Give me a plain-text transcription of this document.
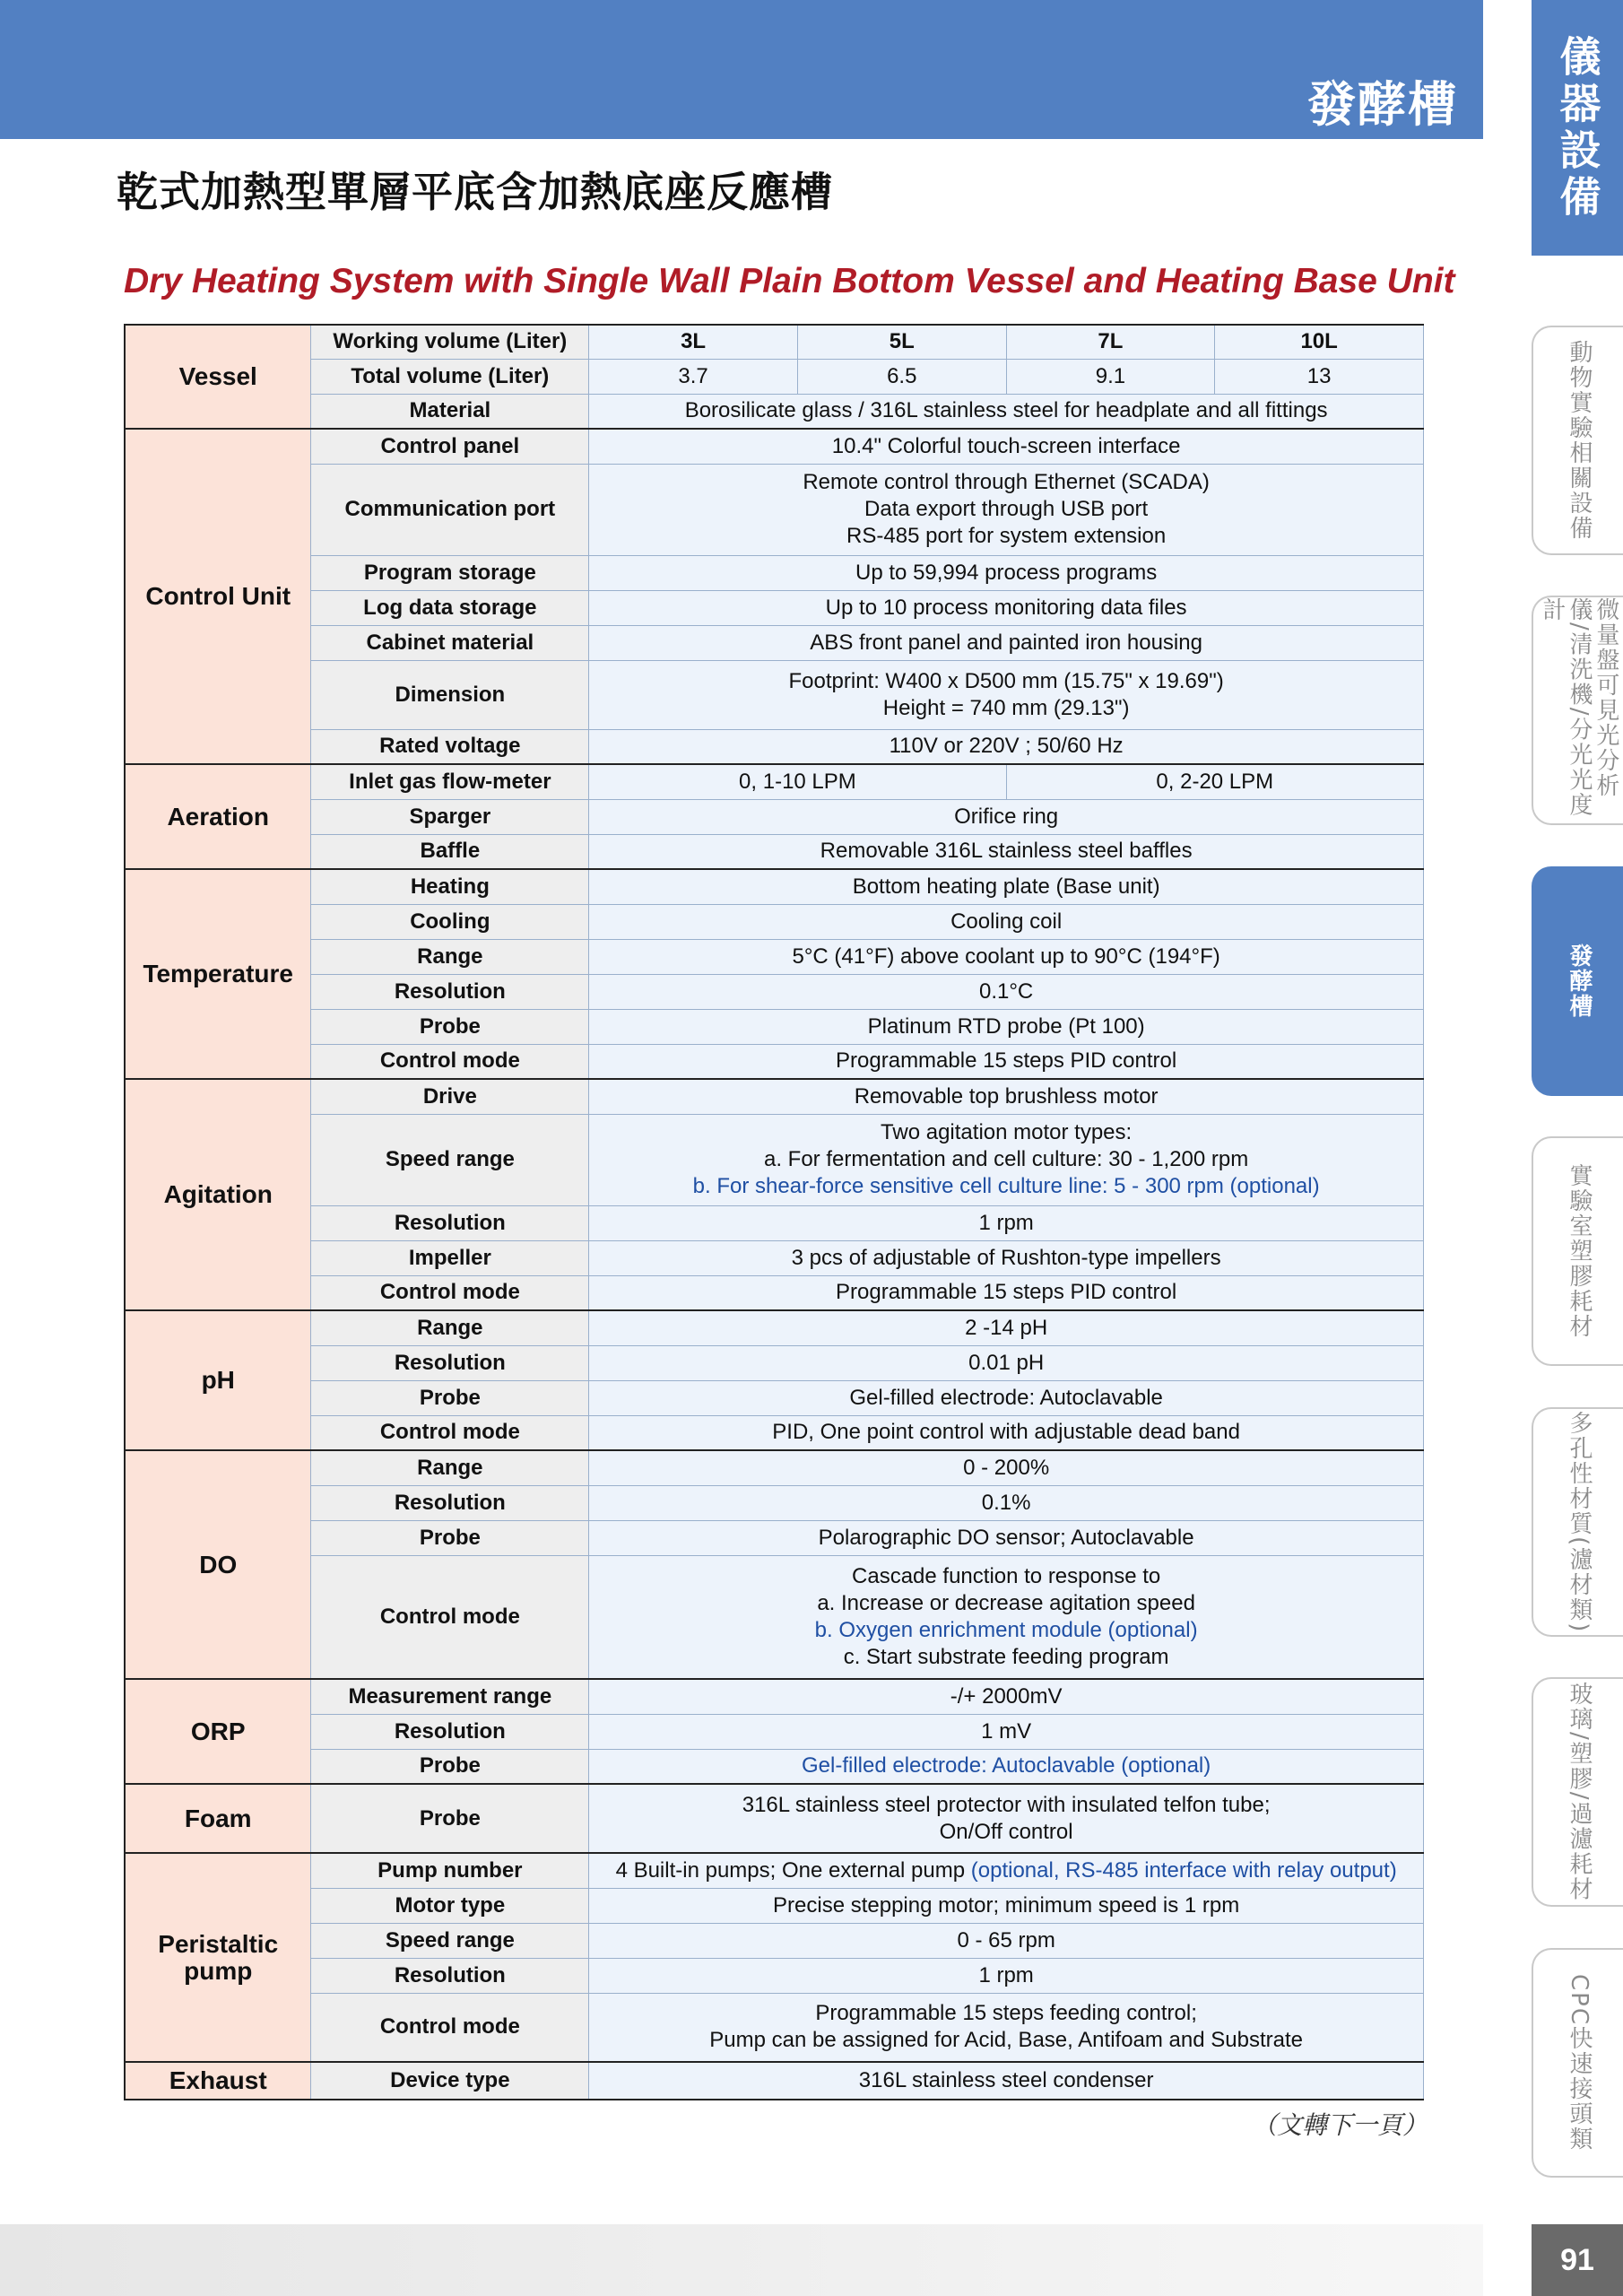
發酵槽 儀器設備
動物實驗相關設備
微量盤可見光分析儀/清洗機/分光光度計
發酵槽
實驗室塑膠耗材
多孔性材質(濾材類)
玻璃/塑膠/過濾耗材
CPC快速接頭類
乾式加熱型單層平底含加熱底座反應槽
Dry Heating System with Single Wall Plain Bottom Vessel and Heating Base Unit
Vessel	Working volume (Liter)	3L	5L	7L	10L
	Total volume (Liter)	3.7	6.5	9.1	13
	Material	Borosilicate glass / 316L stainless steel for headplate and all fittings			
Control Unit	Control panel	10.4" Colorful touch-screen interface			
	Communication port	Remote control through Ethernet (SCADA)
Data export through USB port
RS-485 port for system extension			

	Program storage	Up to 59,994 process programs			
	Log data storage	Up to 10 process monitoring data files			
	Cabinet material	ABS front panel and painted iron housing			
	Dimension	Footprint: W400 x D500 mm (15.75" x 19.69")
Height = 740 mm (29.13")			

	Rated voltage	110V or 220V ; 50/60 Hz			
Aeration	Inlet gas flow-meter	0, 1-10 LPM		0, 2-20 LPM	
	Sparger	Orifice ring			
	Baffle	Removable 316L stainless steel baffles			
Temperature	Heating	Bottom heating plate (Base unit)			
	Cooling	Cooling coil			
	Range	5°C (41°F) above coolant up to 90°C (194°F)			
	Resolution	0.1°C			
	Probe	Platinum RTD probe (Pt 100)			
	Control mode	Programmable 15 steps PID control			
Agitation	Drive	Removable top brushless motor			
	Speed range	Two agitation motor types:
a. For fermentation and cell culture: 30 - 1,200 rpm
b. For shear-force sensitive cell culture line: 5 - 300 rpm (optional)			

	Resolution	1 rpm			
	Impeller	3 pcs of adjustable of Rushton-type impellers			
	Control mode	Programmable 15 steps PID control			
pH	Range	2 -14 pH			
	Resolution	0.01 pH			
	Probe	Gel-filled electrode: Autoclavable			
	Control mode	PID, One point control with adjustable dead band			
DO	Range	0 - 200%			
	Resolution	0.1%			
	Probe	Polarographic DO sensor; Autoclavable			
	Control mode	Cascade function to response to
a. Increase or decrease agitation speed
b. Oxygen enrichment module (optional)
c. Start substrate feeding program			

ORP	Measurement range	-/+ 2000mV			
	Resolution	1 mV			
	Probe	Gel-filled electrode: Autoclavable (optional)			
Foam	Probe	316L stainless steel protector with insulated telfon tube;
On/Off control			

Peristaltic
pump	Pump number	4 Built-in pumps; One external pump (optional, RS-485 interface with relay output)			
	Motor type	Precise stepping motor; minimum speed is 1 rpm			
	Speed range	0 - 65 rpm			
	Resolution	1 rpm			
	Control mode	Programmable 15 steps feeding control;
Pump can be assigned for Acid, Base, Antifoam and Substrate			

Exhaust	Device type	316L stainless steel condenser			
（文轉下一頁）
91
